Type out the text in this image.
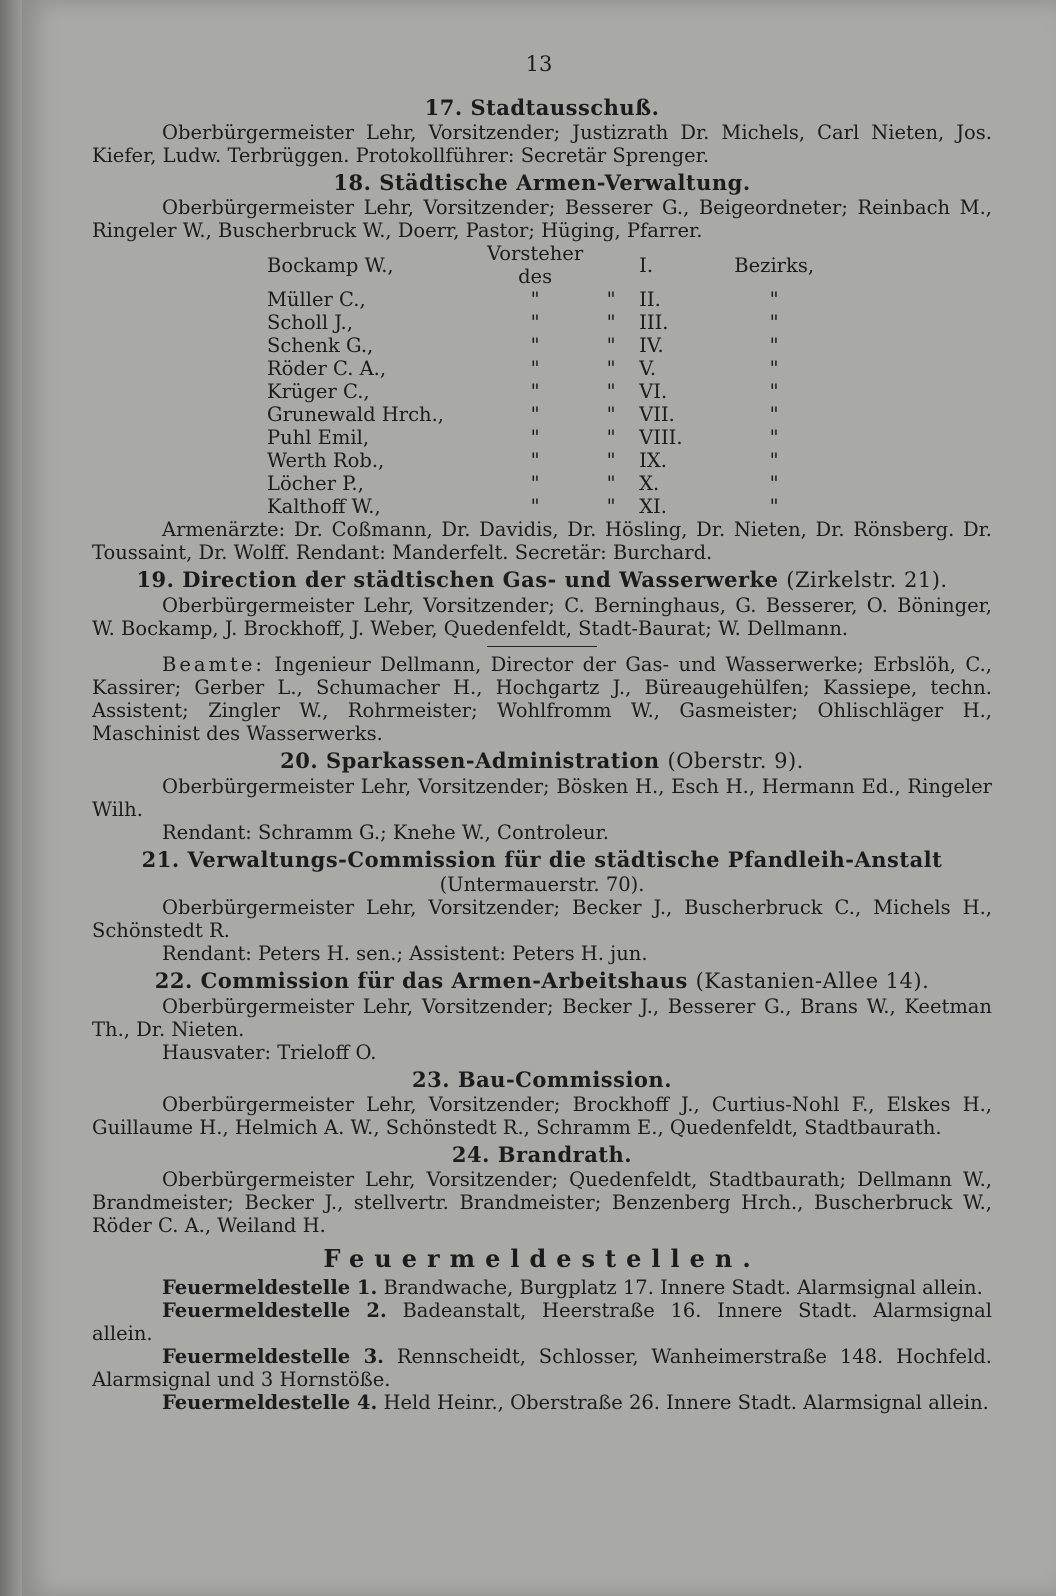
13
17. Stadtausschuß.

Oberbürgermeister Lehr, Vorsitzender; Justizrath Dr. Michels, Carl Nieten, Jos. Kiefer, Ludw. Terbrüggen. Protokollführer: Secretär Sprenger.

18. Städtische Armen-Verwaltung.

Oberbürgermeister Lehr, Vorsitzender; Besserer G., Beigeordneter; Reinbach M., Ringeler W., Buscherbruck W., Doerr, Pastor; Hüging, Pfarrer.

Bockamp W.,	Vorsteher des		I.	Bezirks,
Müller C.,	"	"	II.	"
Scholl J.,	"	"	III.	"
Schenk G.,	"	"	IV.	"
Röder C. A.,	"	"	V.	"
Krüger C.,	"	"	VI.	"
Grunewald Hrch.,	"	"	VII.	"
Puhl Emil,	"	"	VIII.	"
Werth Rob.,	"	"	IX.	"
Löcher P.,	"	"	X.	"
Kalthoff W.,	"	"	XI.	"

Armenärzte: Dr. Coßmann, Dr. Davidis, Dr. Hösling, Dr. Nieten, Dr. Rönsberg. Dr. Toussaint, Dr. Wolff. Rendant: Manderfelt. Secretär: Burchard.

19. Direction der städtischen Gas- und Wasserwerke (Zirkelstr. 21).

Oberbürgermeister Lehr, Vorsitzender; C. Berninghaus, G. Besserer, O. Böninger, W. Bockamp, J. Brockhoff, J. Weber, Quedenfeldt, Stadt-Baurat; W. Dellmann.

Beamte: Ingenieur Dellmann, Director der Gas- und Wasserwerke; Erbslöh, C., Kassirer; Gerber L., Schumacher H., Hochgartz J., Büreaugehülfen; Kassiepe, techn. Assistent; Zingler W., Rohrmeister; Wohlfromm W., Gasmeister; Ohlischläger H., Maschinist des Wasserwerks.

20. Sparkassen-Administration (Oberstr. 9).

Oberbürgermeister Lehr, Vorsitzender; Bösken H., Esch H., Hermann Ed., Ringeler Wilh.

Rendant: Schramm G.; Knehe W., Controleur.

21. Verwaltungs-Commission für die städtische Pfandleih-Anstalt

(Untermauerstr. 70).

Oberbürgermeister Lehr, Vorsitzender; Becker J., Buscherbruck C., Michels H., Schönstedt R.

Rendant: Peters H. sen.; Assistent: Peters H. jun.

22. Commission für das Armen-Arbeitshaus (Kastanien-Allee 14).

Oberbürgermeister Lehr, Vorsitzender; Becker J., Besserer G., Brans W., Keetman Th., Dr. Nieten.

Hausvater: Trieloff O.

23. Bau-Commission.

Oberbürgermeister Lehr, Vorsitzender; Brockhoff J., Curtius-Nohl F., Elskes H., Guillaume H., Helmich A. W., Schönstedt R., Schramm E., Quedenfeldt, Stadtbaurath.

24. Brandrath.

Oberbürgermeister Lehr, Vorsitzender; Quedenfeldt, Stadtbaurath; Dellmann W., Brandmeister; Becker J., stellvertr. Brandmeister; Benzenberg Hrch., Buscherbruck W., Röder C. A., Weiland H.

Feuermeldestellen.

Feuermeldestelle 1. Brandwache, Burgplatz 17. Innere Stadt. Alarmsignal allein.

Feuermeldestelle 2. Badeanstalt, Heerstraße 16. Innere Stadt. Alarmsignal allein.

Feuermeldestelle 3. Rennscheidt, Schlosser, Wanheimerstraße 148. Hochfeld. Alarmsignal und 3 Hornstöße.

Feuermeldestelle 4. Held Heinr., Oberstraße 26. Innere Stadt. Alarmsignal allein.
